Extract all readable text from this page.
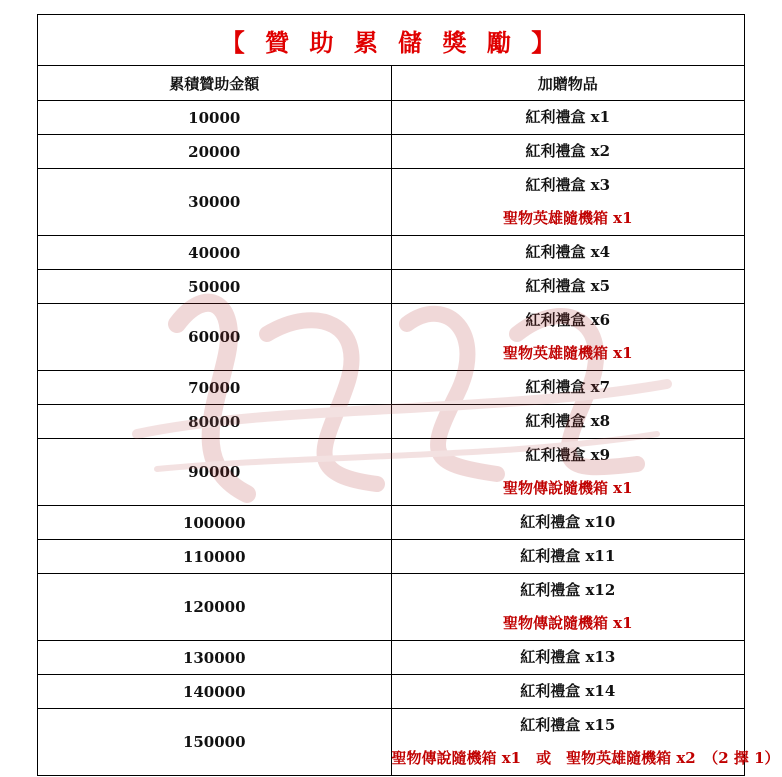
【 贊 助 累 儲 獎 勵 】	
累積贊助金額	加贈物品
10000	紅利禮盒 x1

20000	紅利禮盒 x2

30000	紅利禮盒 x3
聖物英雄隨機箱 x1

40000	紅利禮盒 x4

50000	紅利禮盒 x5

60000	紅利禮盒 x6
聖物英雄隨機箱 x1

70000	紅利禮盒 x7

80000	紅利禮盒 x8

90000	紅利禮盒 x9
聖物傳說隨機箱 x1

100000	紅利禮盒 x10

110000	紅利禮盒 x11

120000	紅利禮盒 x12
聖物傳說隨機箱 x1

130000	紅利禮盒 x13

140000	紅利禮盒 x14

150000	紅利禮盒 x15
聖物傳說隨機箱 x1　或　聖物英雄隨機箱 x2　（2 擇 1）
